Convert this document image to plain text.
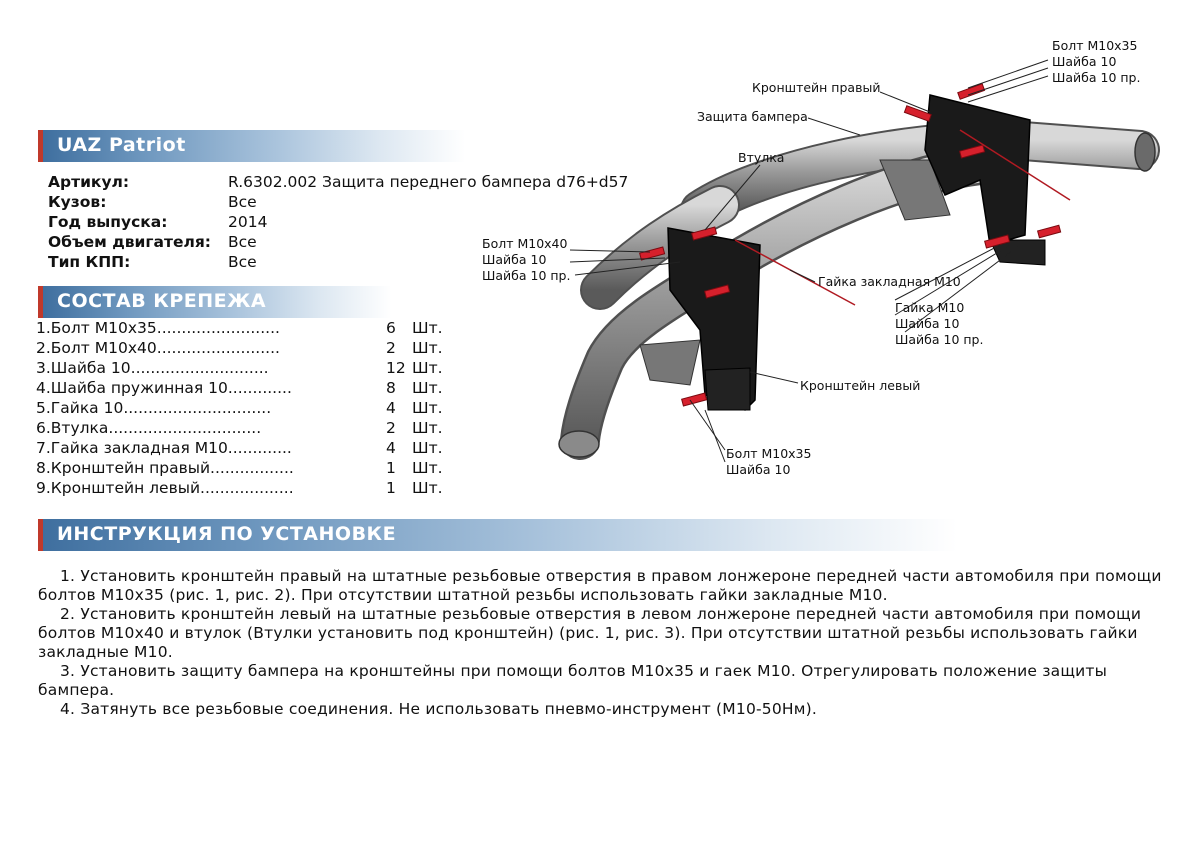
UAZ Patriot
Артикул:	R.6302.002 Защита переднего бампера d76+d57
Кузов:	Все
Год выпуска:	2014
Объем двигателя: Все
Тип КПП:	Все
СОСТАВ КРЕПЕЖА
1.Болт М10х35.........................	6 Шт.
2.Болт М10х40.........................	2 Шт.
3.Шайба 10............................	12 Шт.
4.Шайба пружинная 10.............	8 Шт.
5.Гайка 10..............................	4 Шт.
6.Втулка...............................	2 Шт.
7.Гайка закладная М10.............	4 Шт.
8.Кронштейн правый.................	1 Шт.
9.Кронштейн левый...................	1 Шт.
ИНСТРУКЦИЯ ПО УСТАНОВКЕ

1. Установить кронштейн правый на штатные резьбовые отверстия в правом лонжероне передней части автомобиля при помощи болтов М10х35 (рис. 1, рис. 2). При отсутствии штатной резьбы использовать гайки закладные М10.

2. Установить кронштейн левый на штатные резьбовые отверстия в левом лонжероне передней части автомобиля при помощи болтов М10х40 и втулок (Втулки установить под кронштейн) (рис. 1, рис. 3). При отсутствии штатной резьбы использовать гайки закладные М10.

3. Установить защиту бампера на кронштейны при помощи болтов М10х35 и гаек М10. Отрегулировать положение защиты бампера.

4. Затянуть все резьбовые соединения. Не использовать пневмо-инструмент (М10-50Нм).

Болт М10х35
Шайба 10
Шайба 10 пр.
Кронштейн правый
Защита бампера
Втулка
Болт М10х40
Шайба 10
Шайба 10 пр.	Гайка закладная М10
Гайка М10
Шайба 10
Шайба 10 пр.
Кронштейн левый
Болт М10х35
Шайба 10
